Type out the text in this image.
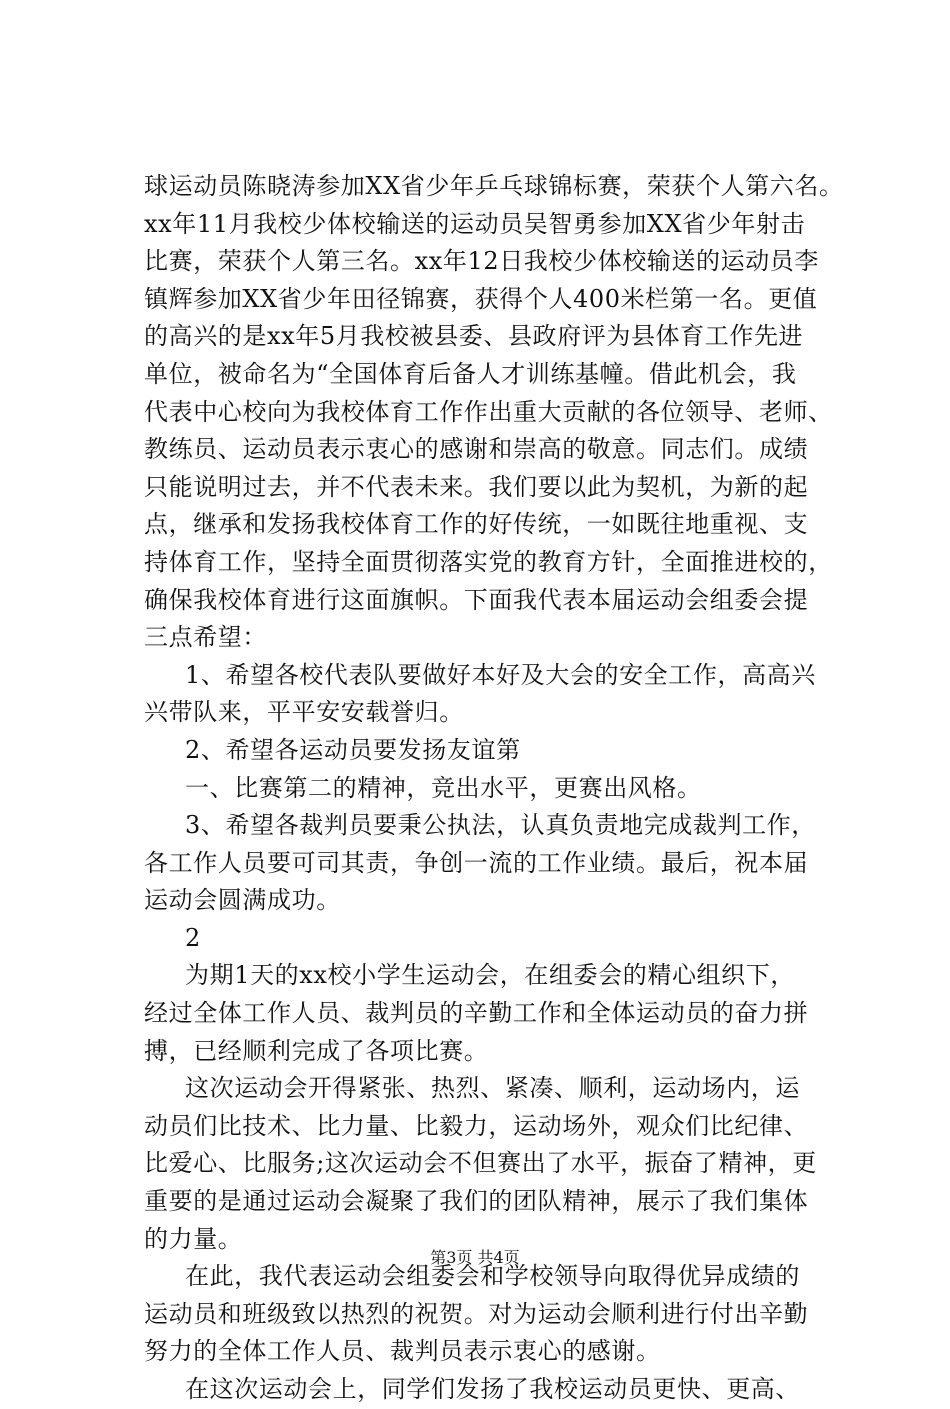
球运动员陈晓涛参加XX省少年乒乓球锦标赛，荣获个人第六名。
xx年11月我校少体校输送的运动员吴智勇参加XX省少年射击
比赛，荣获个人第三名。xx年12日我校少体校输送的运动员李
镇辉参加XX省少年田径锦赛，获得个人400米栏第一名。更值
的高兴的是xx年5月我校被县委、县政府评为县体育工作先进
单位，被命名为“全国体育后备人才训练基幢。借此机会，我
代表中心校向为我校体育工作作出重大贡献的各位领导、老师、
教练员、运动员表示衷心的感谢和崇高的敬意。同志们。成绩
只能说明过去，并不代表未来。我们要以此为契机，为新的起
点，继承和发扬我校体育工作的好传统，一如既往地重视、支
持体育工作，坚持全面贯彻落实党的教育方针，全面推进校的，
确保我校体育进行这面旗帜。下面我代表本届运动会组委会提
三点希望：
1、希望各校代表队要做好本好及大会的安全工作，高高兴
兴带队来，平平安安载誉归。
2、希望各运动员要发扬友谊第
一、比赛第二的精神，竞出水平，更赛出风格。
3、希望各裁判员要秉公执法，认真负责地完成裁判工作，
各工作人员要可司其责，争创一流的工作业绩。最后，祝本届
运动会圆满成功。
2
为期1天的xx校小学生运动会，在组委会的精心组织下，
经过全体工作人员、裁判员的辛勤工作和全体运动员的奋力拼
搏，已经顺利完成了各项比赛。
这次运动会开得紧张、热烈、紧凑、顺利，运动场内，运
动员们比技术、比力量、比毅力，运动场外，观众们比纪律、
比爱心、比服务;这次运动会不但赛出了水平，振奋了精神，更
重要的是通过运动会凝聚了我们的团队精神，展示了我们集体
的力量。
在此，我代表运动会组委会和学校领导向取得优异成绩的
运动员和班级致以热烈的祝贺。对为运动会顺利进行付出辛勤
努力的全体工作人员、裁判员表示衷心的感谢。
在这次运动会上，同学们发扬了我校运动员更快、更高、
第3页 共4页
